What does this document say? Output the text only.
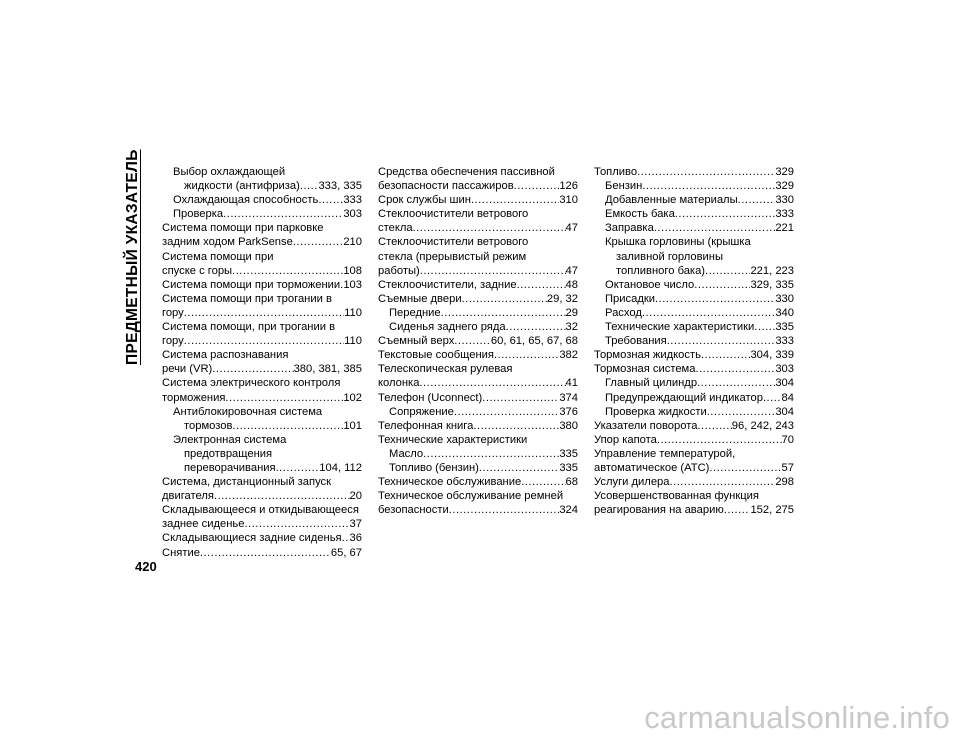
ПРЕДМЕТНЫЙ УКАЗАТЕЛЬ	Выбор охлаждающей
жидкости (антифриза) ..... 333, 335
Охлаждающая способность ..... 333
Проверка .....	303
Система помощи при парковке
задним ходом ParkSense .....	210
Система помощи при
спуске с горы .....	108
Система помощи при торможении ..... 103
Система помощи при трогании в
гору .....	110
Система помощи, при трогании в
гору .....	110
Система распознавания
речи (VR) .....	380, 381, 385
Система электрического контроля
торможения .....	102
Антиблокировочная система
тормозов .....	101
Электронная система
предотвращения
переворачивания .....	104, 112
Система, дистанционный запуск
двигателя .....	20
Складывающееся и откидывающееся
заднее сиденье .....	37
Складывающиеся задние сиденья ..... 36
Снятие .....	65, 67
Средства обеспечения пассивной
безопасности пассажиров .....	126
Срок службы шин .....	310
Стеклоочистители ветрового
стекла .....	47
Стеклоочистители ветрового
стекла (прерывистый режим
работы) .....	47
Стеклоочистители, задние .....	48
Съемные двери .....	29, 32
Передние .....	29
Сиденья заднего ряда .....	32
Съемный верх .....	60, 61, 65, 67, 68
Текстовые сообщения .....	382
Телескопическая рулевая
колонка .....	41
Телефон (Uconnect) .....	374
Сопряжение .....	376
Телефонная книга .....	380
Технические характеристики
Масло .....	335
Топливо (бензин) .....	335
Техническое обслуживание .....	68
Техническое обслуживание ремней
безопасности .....	324
Топливо .....	329
Бензин .....	329
Добавленные материалы .....	330
Емкость бака .....	333
Заправка .....	221
Крышка горловины (крышка
заливной горловины
топливного бака) .....	221, 223
Октановое число .....	329, 335
Присадки .....	330
Расход .....	340
Технические характеристики ..... 335
Требования .....	333
Тормозная жидкость .....	304, 339
Тормозная система .....	303
Главный цилиндр .....	304
Предупреждающий индикатор ..... 84
Проверка жидкости .....	304
Указатели поворота .....	96, 242, 243
Упор капота .....	70
Управление температурой,
автоматическое (ATC) .....	57
Услуги дилера .....	298
Усовершенствованная функция
реагирования на аварию ..... 152, 275
420
carmanualsonline.info
